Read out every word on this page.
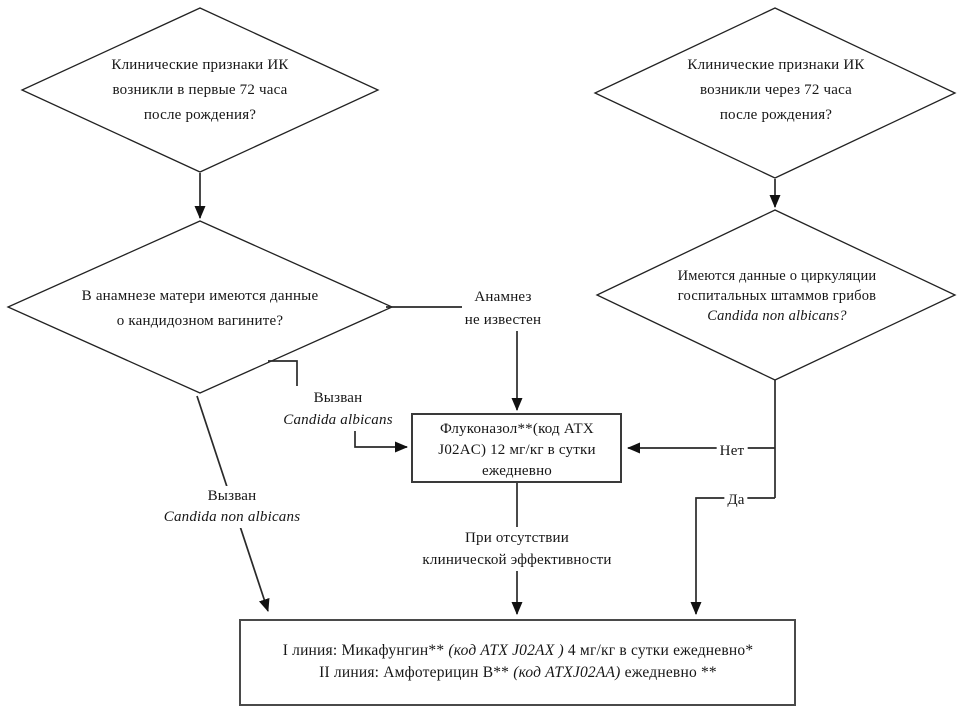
Клинические признаки ИК
возникли в первые 72 часа
после рождения?
Клинические признаки ИК
возникли через 72 часа
после рождения?
В анамнезе матери имеются данные
о кандидозном вагините?
Имеются данные о циркуляции
госпитальных штаммов грибов
Candida non albicans?
Анамнез
не известен
Вызван
Candida albicans
Вызван
Candida non albicans
Флуконазол**(код АТХ
J02AC) 12 мг/кг в сутки
ежедневно
Нет
Да
При отсутствии
клинической эффективности
I линия: Микафунгин** (код АТХ J02AX ) 4 мг/кг в сутки ежедневно*
II линия: Амфотерицин В** (код АТХJ02AA) ежедневно **
